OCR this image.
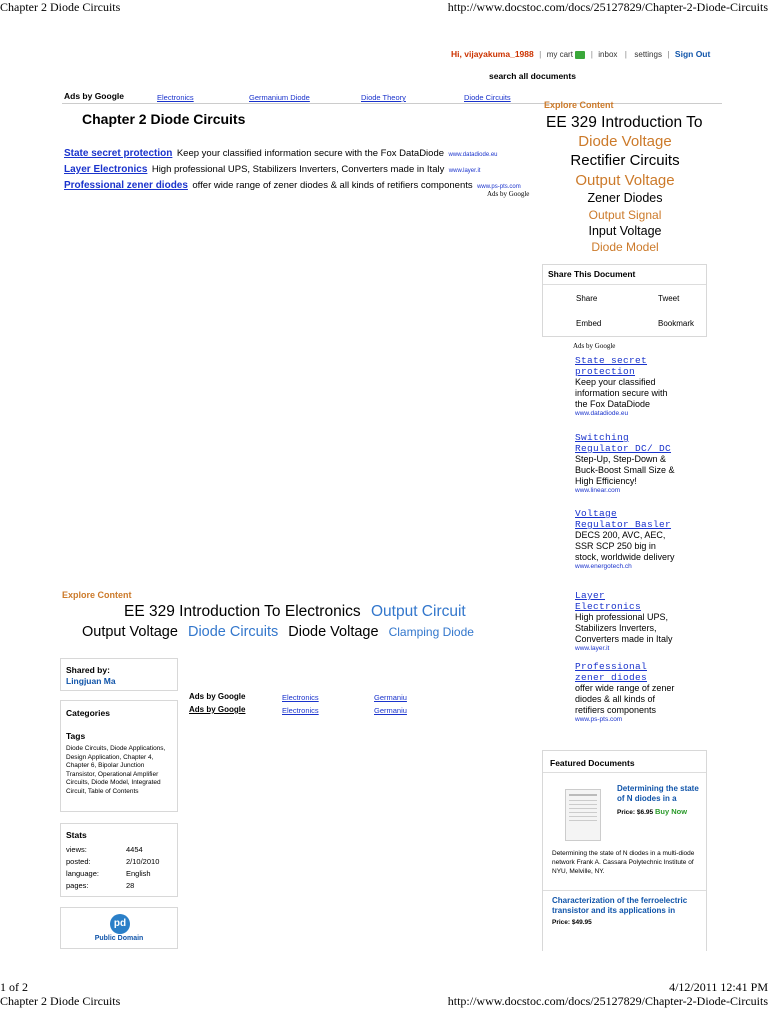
Chapter 2 Diode Circuits	http://www.docstoc.com/docs/25127829/Chapter-2-Diode-Circuits
Hi, vijayakuma_1988 | my cart | inbox | settings | Sign Out
search all documents
Ads by Google	Electronics	Germanium Diode	Diode Theory	Diode Circuits
Chapter 2 Diode Circuits
State secret protection Keep your classified information secure with the Fox DataDiode www.datadiode.eu
Layer Electronics High professional UPS, Stabilizers Inverters, Converters made in Italy www.layer.it
Professional zener diodes offer wide range of zener diodes & all kinds of retifiers components www.ps-pts.com
Ads by Google
Explore Content
EE 329 Introduction To
Diode Voltage
Rectifier Circuits
Output Voltage
Zener Diodes
Output Signal
Input Voltage
Diode Model
Share This Document
Share	Tweet
Embed	Bookmark
Ads by Google
State secret protection
Keep your classified information secure with the Fox DataDiode
www.datadiode.eu
Switching Regulator DC/ DC
Step-Up, Step-Down & Buck-Boost Small Size & High Efficiency!
www.linear.com
Voltage Regulator Basler
DECS 200, AVC, AEC, SSR SCP 250 big in stock, worldwide delivery
www.energotech.ch
Layer Electronics
High professional UPS, Stabilizers Inverters, Converters made in Italy
www.layer.it
Professional zener diodes
offer wide range of zener diodes & all kinds of retifiers components
www.ps-pts.com
Explore Content
EE 329 Introduction To Electronics Output Circuit
Output Voltage Diode Circuits Diode Voltage Clamping Diode
Shared by:
Lingjuan Ma
Categories
Tags
Diode Circuits, Diode Applications, Design Application, Chapter 4, Chapter 6, Bipolar Junction Transistor, Operational Amplifier Circuits, Diode Model, Integrated Circuit, Table of Contents
Stats
views:	4454
posted:	2/10/2010
language:	English
pages:	28
pd
Public Domain
Ads by Google	Electronics	Germaniu
Ads by Google	Electronics	Germaniu
Featured Documents
Determining the state of N diodes in a
Price: $6.95 Buy Now
Determining the state of N diodes in a multi-diode network Frank A. Cassara Polytechnic Institute of NYU, Melville, NY.
Characterization of the ferroelectric transistor and its applications in
Price: $49.95
1 of 2	4/12/2011 12:41 PM
Chapter 2 Diode Circuits	http://www.docstoc.com/docs/25127829/Chapter-2-Diode-Circuits
